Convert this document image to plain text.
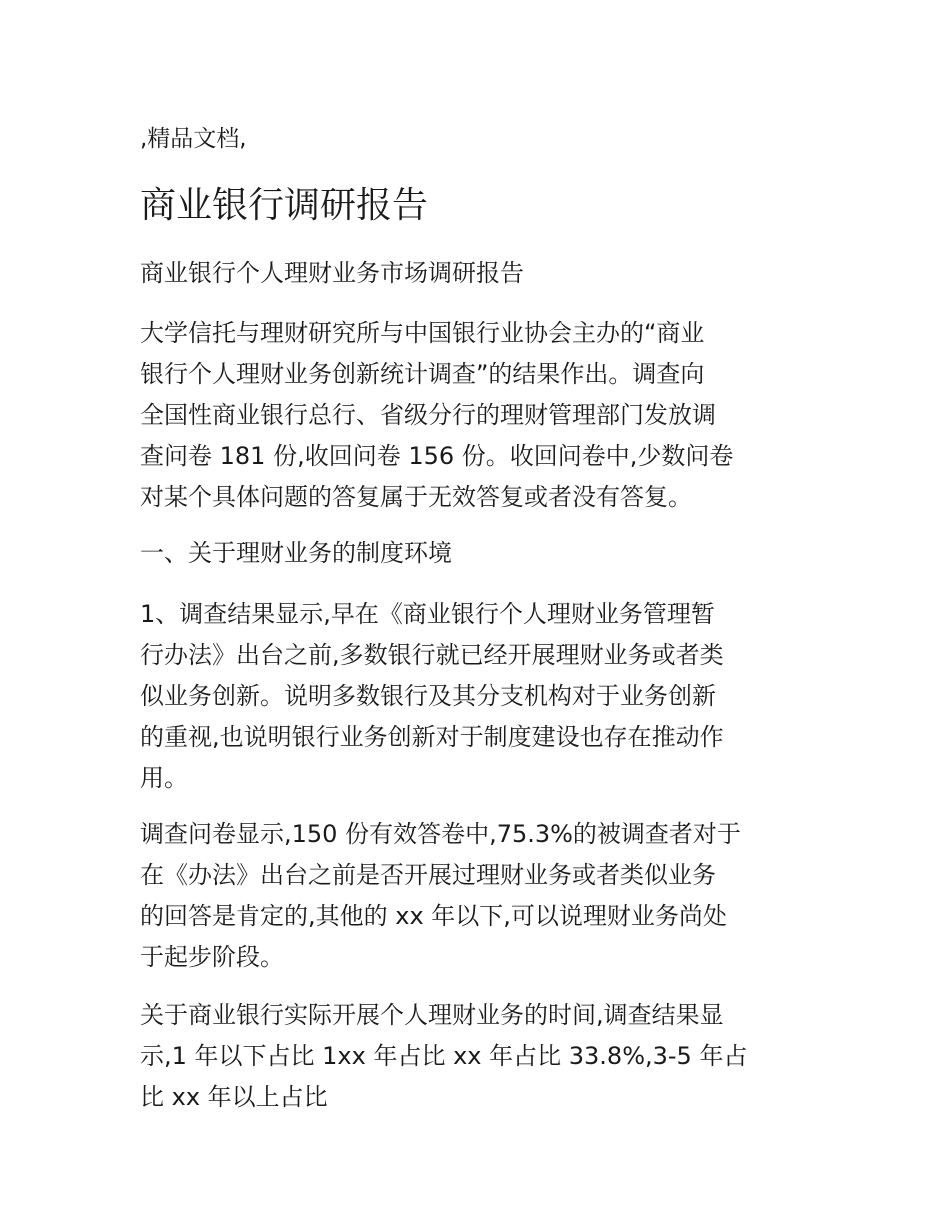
,精品文档,
商业银行调研报告

商业银行个人理财业务市场调研报告

大学信托与理财研究所与中国银行业协会主办的“商业
银行个人理财业务创新统计调查”的结果作出。调查向
全国性商业银行总行、省级分行的理财管理部门发放调
查问卷 181 份,收回问卷 156 份。收回问卷中,少数问卷
对某个具体问题的答复属于无效答复或者没有答复。

一、关于理财业务的制度环境

1、调查结果显示,早在《商业银行个人理财业务管理暂
行办法》出台之前,多数银行就已经开展理财业务或者类
似业务创新。说明多数银行及其分支机构对于业务创新
的重视,也说明银行业务创新对于制度建设也存在推动作
用。

调查问卷显示,150 份有效答卷中,75.3%的被调查者对于
在《办法》出台之前是否开展过理财业务或者类似业务
的回答是肯定的,其他的 xx 年以下,可以说理财业务尚处
于起步阶段。

关于商业银行实际开展个人理财业务的时间,调查结果显
示,1 年以下占比 1xx 年占比 xx 年占比 33.8%,3-5 年占
比 xx 年以上占比
